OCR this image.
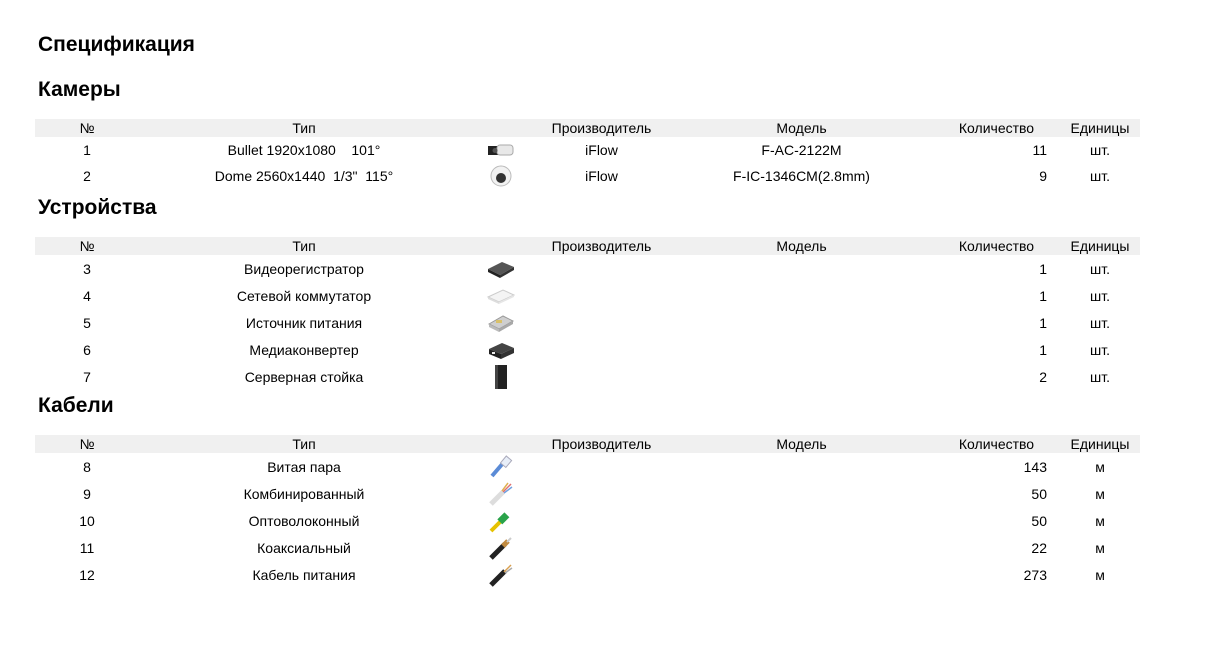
Спецификация
Камеры
№	Тип		Производитель	Модель	Количество	Единицы
1	Bullet 1920x1080    101°		iFlow	F-AC-2122M	11	шт.
2	Dome 2560x1440  1/3"  115°		iFlow	F-IC-1346CM(2.8mm)	9	шт.
Устройства
№	Тип		Производитель	Модель	Количество	Единицы
3	Видеорегистратор				1	шт.
4	Сетевой коммутатор				1	шт.
5	Источник питания				1	шт.
6	Медиаконвертер				1	шт.
7	Серверная стойка				2	шт.
Кабели
№	Тип		Производитель	Модель	Количество	Единицы
8	Витая пара				143	м
9	Комбинированный				50	м
10	Оптоволоконный				50	м
11	Коаксиальный				22	м
12	Кабель питания				273	м
